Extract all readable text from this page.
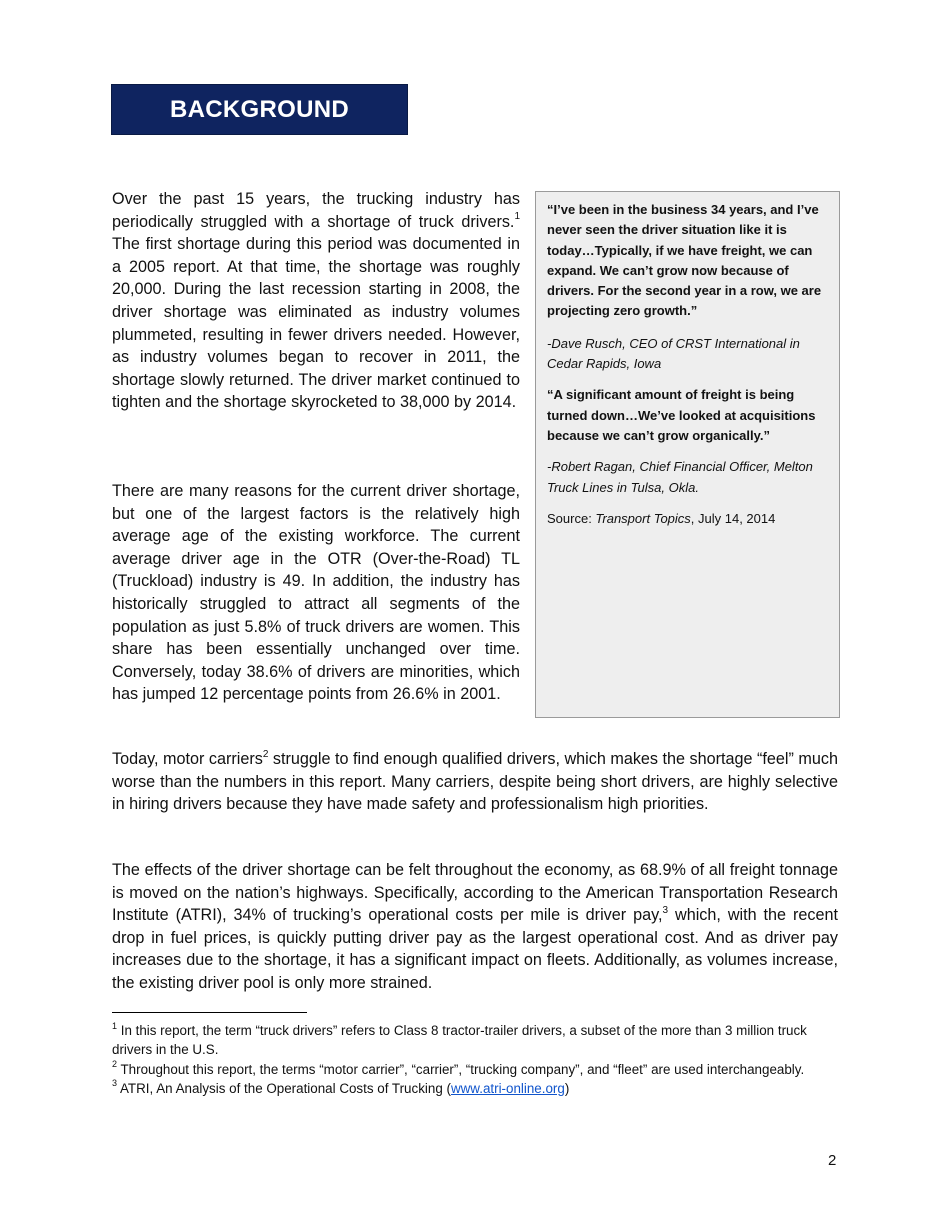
BACKGROUND

Over the past 15 years, the trucking industry has periodically struggled with a shortage of truck drivers.$^1$ The first shortage during this period was documented in a 2005 report. At that time, the shortage was roughly 20,000. During the last recession starting in 2008, the driver shortage was eliminated as industry volumes plummeted, resulting in fewer drivers needed. However, as industry volumes began to recover in 2011, the shortage slowly returned. The driver market continued to tighten and the shortage skyrocketed to 38,000 by 2014.

There are many reasons for the current driver shortage, but one of the largest factors is the relatively high average age of the existing workforce. The current average driver age in the OTR (Over-the-Road) TL (Truckload) industry is 49. In addition, the industry has historically struggled to attract all segments of the population as just 5.8% of truck drivers are women. This share has been essentially unchanged over time. Conversely, today 38.6% of drivers are minorities, which has jumped 12 percentage points from 26.6% in 2001.

“I’ve been in the business 34 years, and I’ve never seen the driver situation like it is today…Typically, if we have freight, we can expand. We can’t grow now because of drivers. For the second year in a row, we are projecting zero growth.”

-Dave Rusch, CEO of CRST International in Cedar Rapids, Iowa

“A significant amount of freight is being turned down…We’ve looked at acquisitions because we can’t grow organically.”

-Robert Ragan, Chief Financial Officer, Melton Truck Lines in Tulsa, Okla.

Source: Transport Topics, July 14, 2014

Today, motor carriers$^2$ struggle to find enough qualified drivers, which makes the shortage “feel” much worse than the numbers in this report. Many carriers, despite being short drivers, are highly selective in hiring drivers because they have made safety and professionalism high priorities.

The effects of the driver shortage can be felt throughout the economy, as 68.9% of all freight tonnage is moved on the nation’s highways. Specifically, according to the American Transportation Research Institute (ATRI), 34% of trucking’s operational costs per mile is driver pay,$^3$ which, with the recent drop in fuel prices, is quickly putting driver pay as the largest operational cost. And as driver pay increases due to the shortage, it has a significant impact on fleets. Additionally, as volumes increase, the existing driver pool is only more strained.

$^1$ In this report, the term “truck drivers” refers to Class 8 tractor-trailer drivers, a subset of the more than 3 million truck drivers in the U.S.

$^2$ Throughout this report, the terms “motor carrier”, “carrier”, “trucking company”, and “fleet” are used interchangeably.

$^3$ ATRI, An Analysis of the Operational Costs of Trucking (www.atri-online.org)

2
